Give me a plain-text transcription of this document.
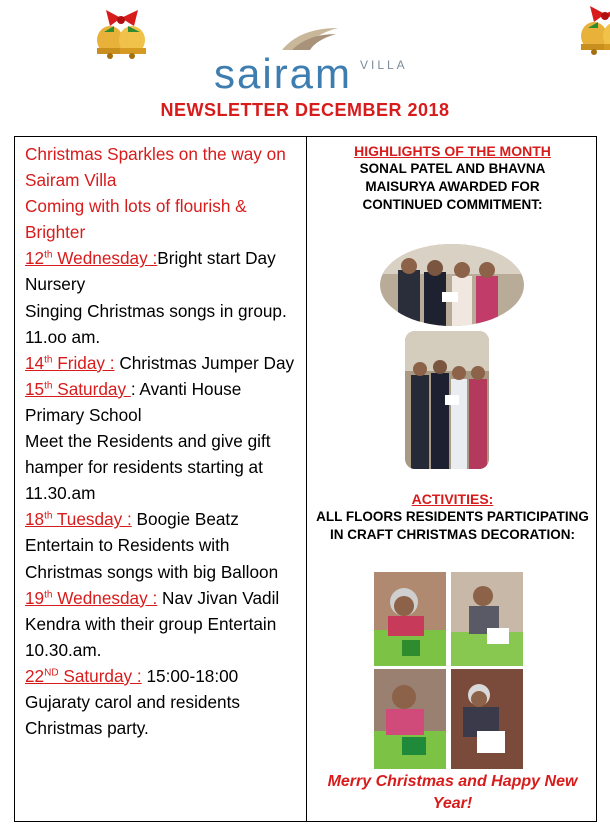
sairam VILLA
NEWSLETTER DECEMBER 2018

Christmas Sparkles on the way on Sairam Villa

Coming with lots of flourish & Brighter

12th Wednesday :Bright start Day Nursery

Singing Christmas songs in group. 11.oo am.

14th Friday : Christmas Jumper Day

15th Saturday : Avanti House Primary School

Meet the Residents and give gift hamper for residents starting at 11.30.am

18th Tuesday : Boogie Beatz Entertain to Residents with Christmas songs with big Balloon

19th Wednesday : Nav Jivan Vadil Kendra with their group Entertain 10.30.am.

22ND Saturday : 15:00-18:00 Gujaraty carol and residents Christmas party.

HIGHLIGHTS OF THE MONTH
SONAL PATEL AND BHAVNA MAISURYA AWARDED FOR CONTINUED COMMITMENT:
ACTIVITIES:
ALL FLOORS RESIDENTS PARTICIPATING IN CRAFT CHRISTMAS DECORATION:
Merry Christmas and Happy New Year!
